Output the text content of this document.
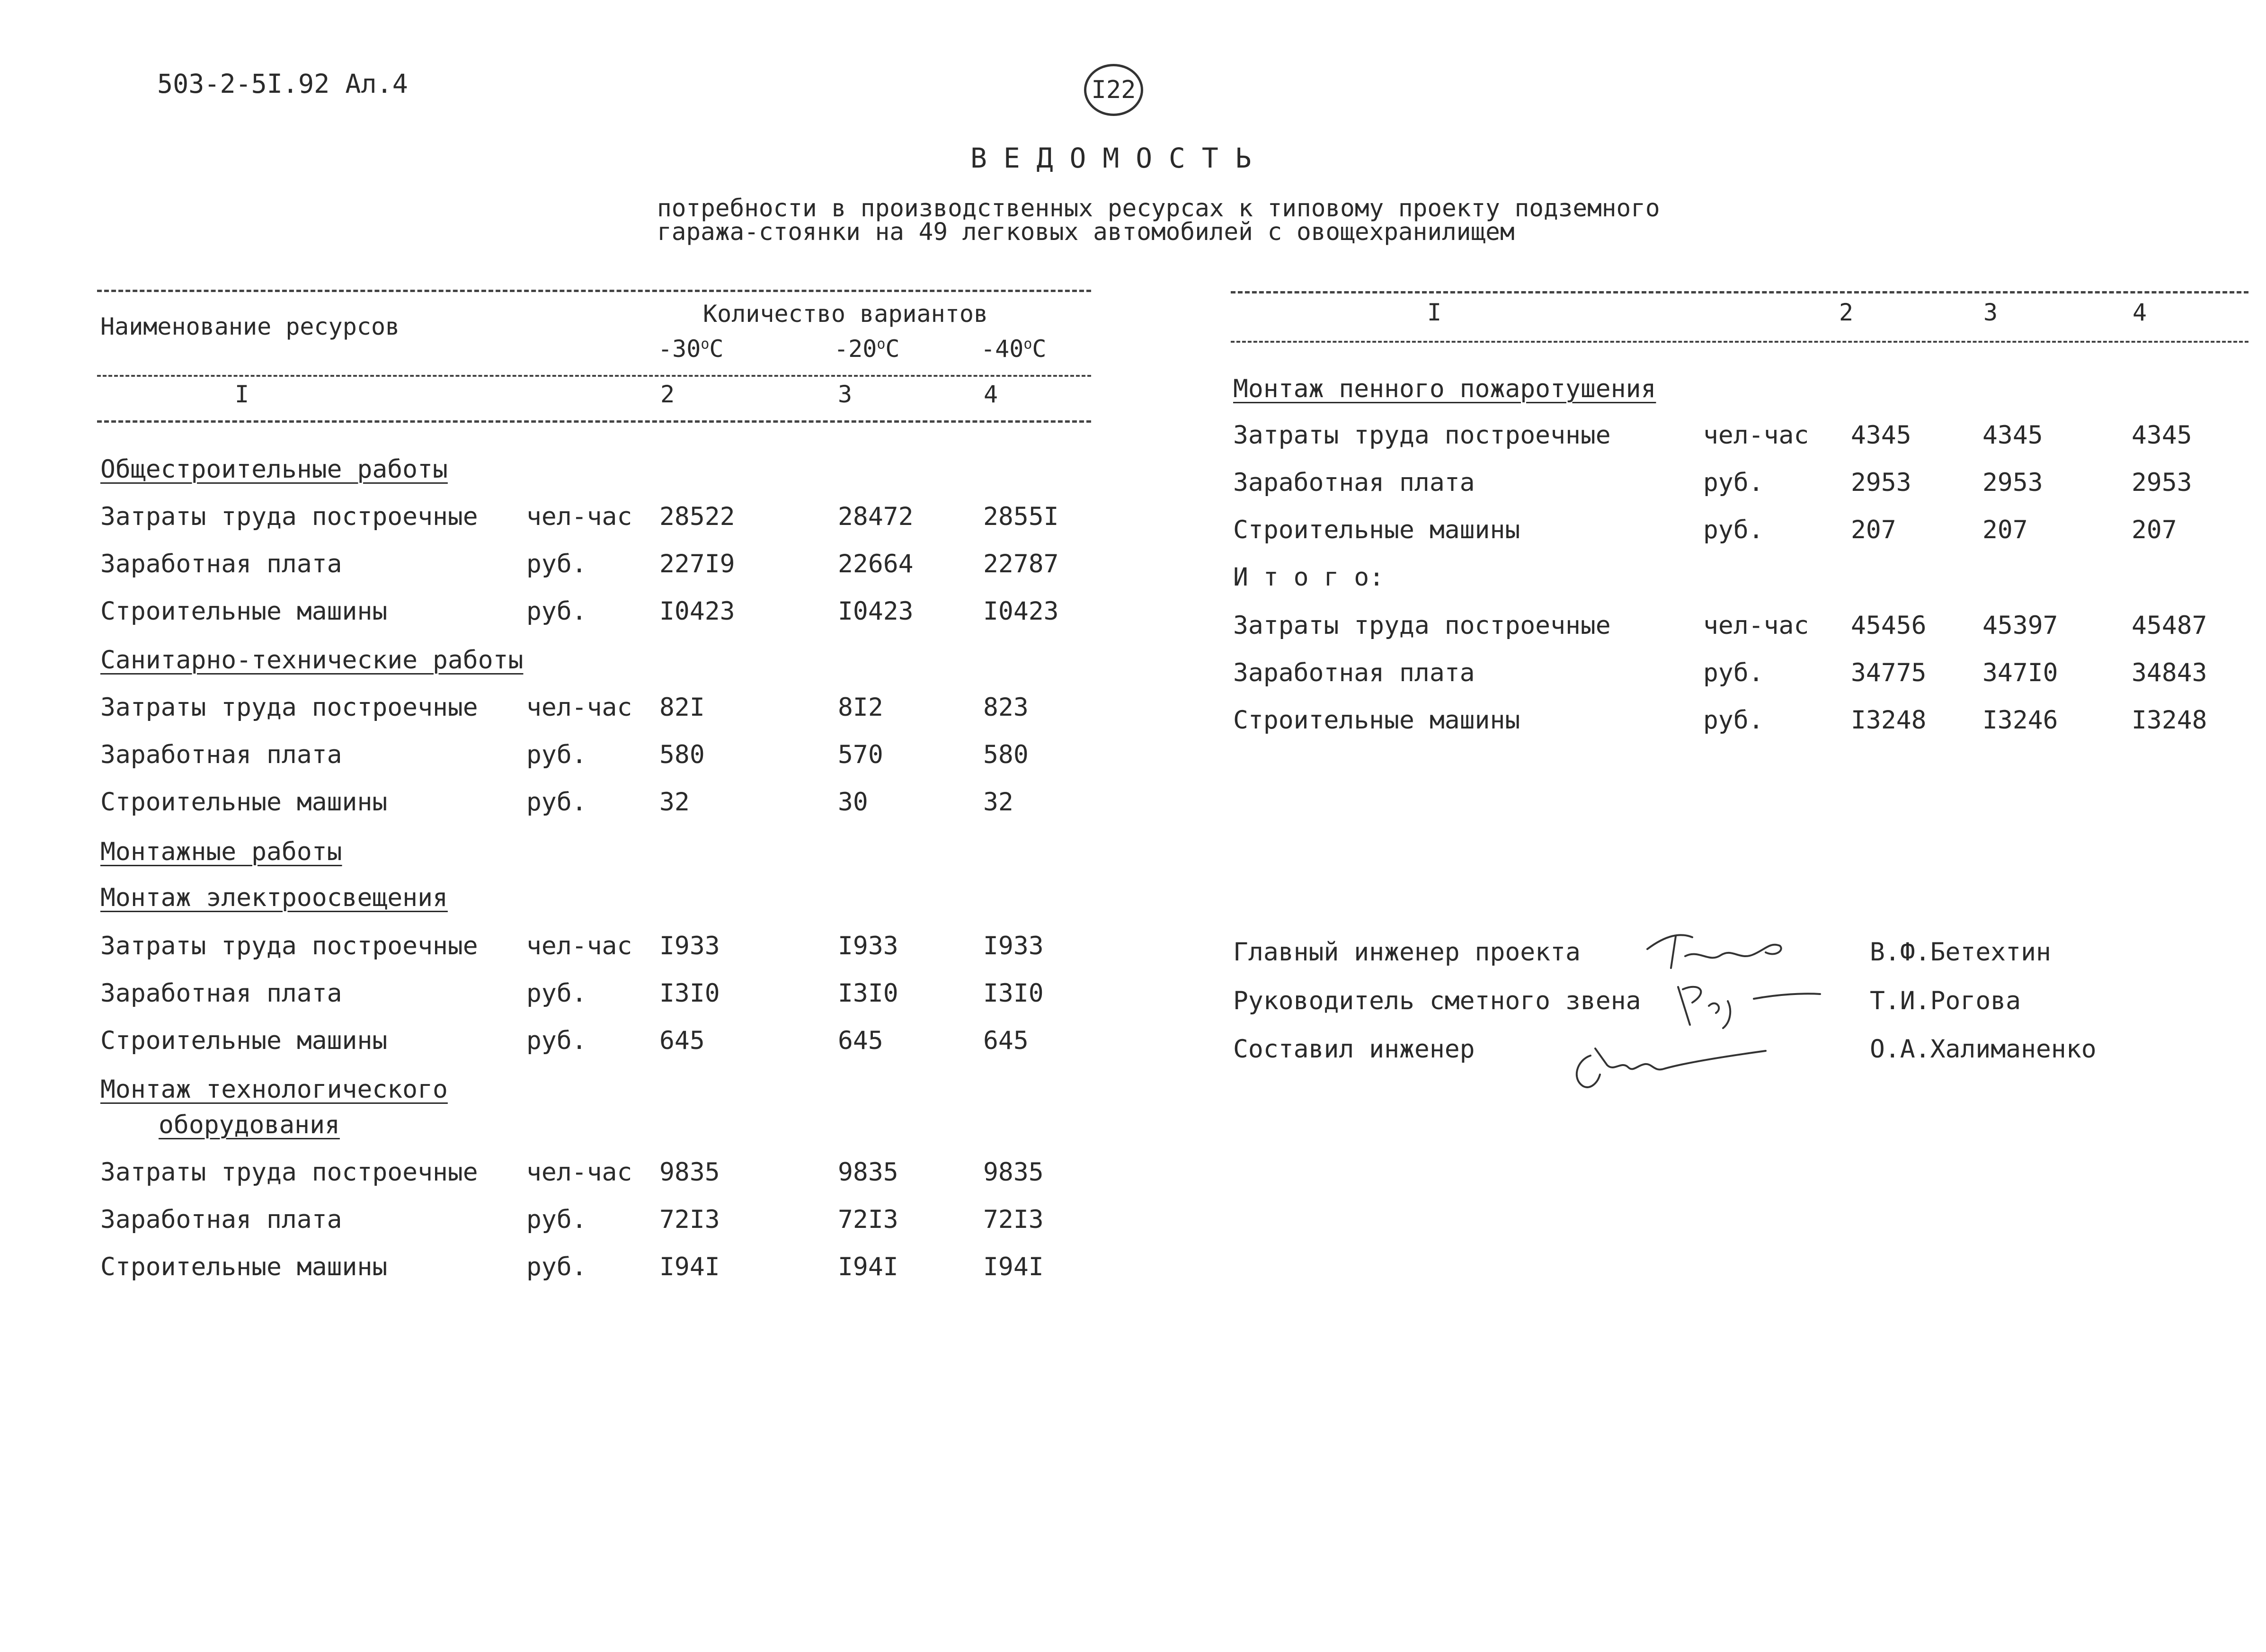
503-2-5I.92 Ал.4	I22
В Е Д О М О С Т Ь
потребности в производственных ресурсах к типовому проекту подземного
гаража-стоянки на 49 легковых автомобилей с овощехранилищем
Наименование ресурсов	Количество вариантов
-30$^o$C	-20$^o$C	-40$^o$C
I	2	3	4
Общестроительные работы
Затраты труда построечные чел-час 28522	28472	2855I
Заработная плата	руб.	227I9	22664	22787
Строительные машины	руб.	I0423	I0423	I0423
Санитарно-технические работы
Затраты труда построечные чел-час 82I	8I2	823
Заработная плата	руб.	580	570	580
Строительные машины	руб.	32	30	32
Монтажные работы
Монтаж электроосвещения
Затраты труда построечные чел-час I933	I933	I933
Заработная плата	руб.	I3I0	I3I0	I3I0
Строительные машины	руб.	645	645	645
Монтаж технологического
оборудования
Затраты труда построечные чел-час 9835	9835	9835
Заработная плата	руб.	72I3	72I3	72I3
Строительные машины	руб.	I94I	I94I	I94I
I	2	3	4
Монтаж пенного пожаротушения
Затраты труда построечные	чел-час 4345	4345	4345
Заработная плата	руб.	2953	2953	2953
Строительные машины	руб.	207	207	207
И т о г о:
Затраты труда построечные	чел-час 45456 45397	45487
Заработная плата	руб.	34775 347I0	34843
Строительные машины	руб.	I3248 I3246	I3248
Главный инженер проекта	В.Ф.Бетехтин
Руководитель сметного звена	Т.И.Рогова
Составил инженер	О.А.Халиманенко
